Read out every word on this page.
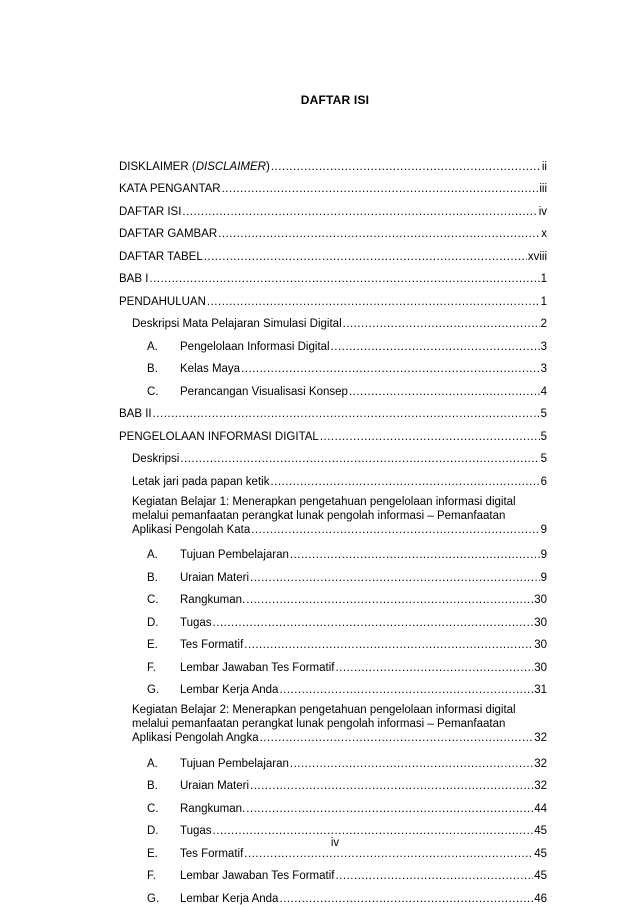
DAFTAR ISI
DISKLAIMER (DISCLAIMER) .....	ii
KATA PENGANTAR .....	iii
DAFTAR ISI .....	iv
DAFTAR GAMBAR .....	x
DAFTAR TABEL .....	xviii
BAB I .....	1
PENDAHULUAN .....	1
Deskripsi Mata Pelajaran Simulasi Digital .....	2
A.	Pengelolaan Informasi Digital .....	3
B.	Kelas Maya .....	3
C.	Perancangan Visualisasi Konsep .....	4
BAB II .....	5
PENGELOLAAN INFORMASI DIGITAL .....	5
Deskripsi .....	5
Letak jari pada papan ketik .....	6
Kegiatan Belajar 1: Menerapkan pengetahuan pengelolaan informasi digital
melalui pemanfaatan perangkat lunak pengolah informasi – Pemanfaatan
Aplikasi Pengolah Kata .....	9
A.	Tujuan Pembelajaran .....	9
B.	Uraian Materi .....	9
C.	Rangkuman. .....	30
D.	Tugas .....	30
E.	Tes Formatif .....	30
F.	Lembar Jawaban Tes Formatif .....	30
G.	Lembar Kerja Anda .....	31
Kegiatan Belajar 2: Menerapkan pengetahuan pengelolaan informasi digital
melalui pemanfaatan perangkat lunak pengolah informasi – Pemanfaatan
Aplikasi Pengolah Angka .....	32
A.	Tujuan Pembelajaran .....	32
B.	Uraian Materi .....	32
C.	Rangkuman. .....	44
D.	Tugas .....	45
E.	Tes Formatif .....	45
F.	Lembar Jawaban Tes Formatif .....	45
G.	Lembar Kerja Anda .....	46
iv
